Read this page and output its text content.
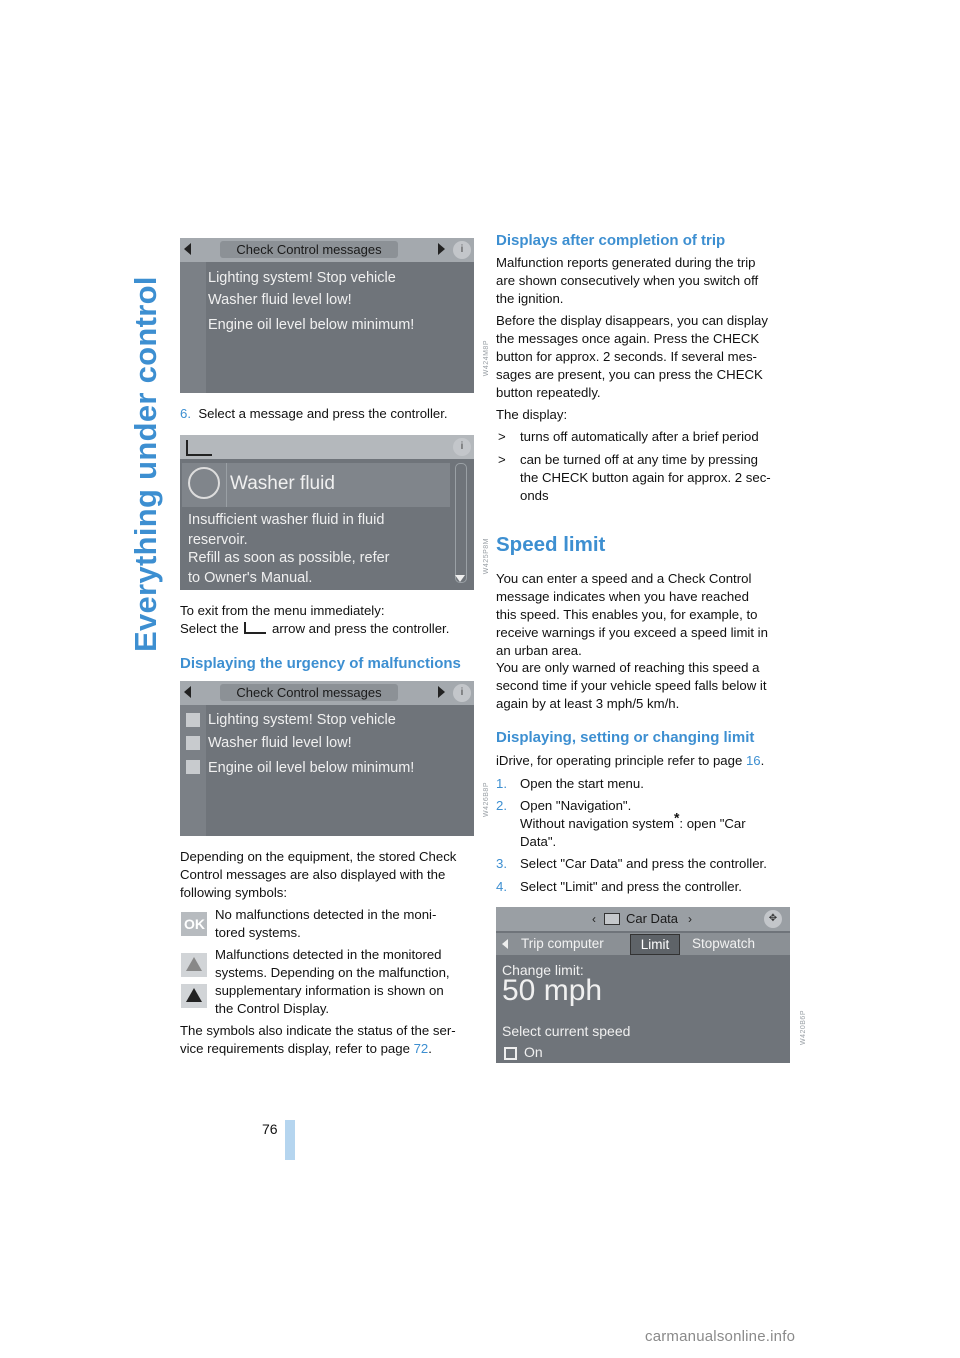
Everything under control
Check Control messages	i
Lighting system! Stop vehicle
Washer fluid level low!
Engine oil level below minimum!
W424M8P

6. Select a message and press the controller.

i
Washer fluid
Insufficient washer fluid in fluid
reservoir.
Refill as soon as possible, refer
to Owner's Manual.
W425P8M

To exit from the menu immediately:

Select the	arrow and press the controller.

Displaying the urgency of malfunctions
Check Control messages	i
Lighting system! Stop vehicle
Washer fluid level low!
Engine oil level below minimum!
W426B8P

Depending on the equipment, the stored Check

Control messages are also displayed with the

following symbols:

OK

No malfunctions detected in the moni-

tored systems.

Malfunctions detected in the monitored

systems. Depending on the malfunction,

supplementary information is shown on

the Control Display.

The symbols also indicate the status of the ser-

vice requirements display, refer to page 72.

Displays after completion of trip

Malfunction reports generated during the trip

are shown consecutively when you switch off

the ignition.

Before the display disappears, you can display

the messages once again. Press the CHECK

button for approx. 2 seconds. If several mes-

sages are present, you can press the CHECK

button repeatedly.

The display:

> turns off automatically after a brief period

> can be turned off at any time by pressing

the CHECK button again for approx. 2 sec-

onds

Speed limit

You can enter a speed and a Check Control

message indicates when you have reached

this speed. This enables you, for example, to

receive warnings if you exceed a speed limit in

an urban area.

You are only warned of reaching this speed a

second time if your vehicle speed falls below it

again by at least 3 mph/5 km/h.

Displaying, setting or changing limit

iDrive, for operating principle refer to page 16.

1. Open the start menu.

2. Open "Navigation".

Without navigation system*: open "Car

Data".

3. Select "Car Data" and press the controller.

4. Select "Limit" and press the controller.

‹ Car Data ›	✥
Trip computer	Limit	Stopwatch
Change limit:
50 mph
Select current speed
On
W420B6P
76
carmanualsonline.info
